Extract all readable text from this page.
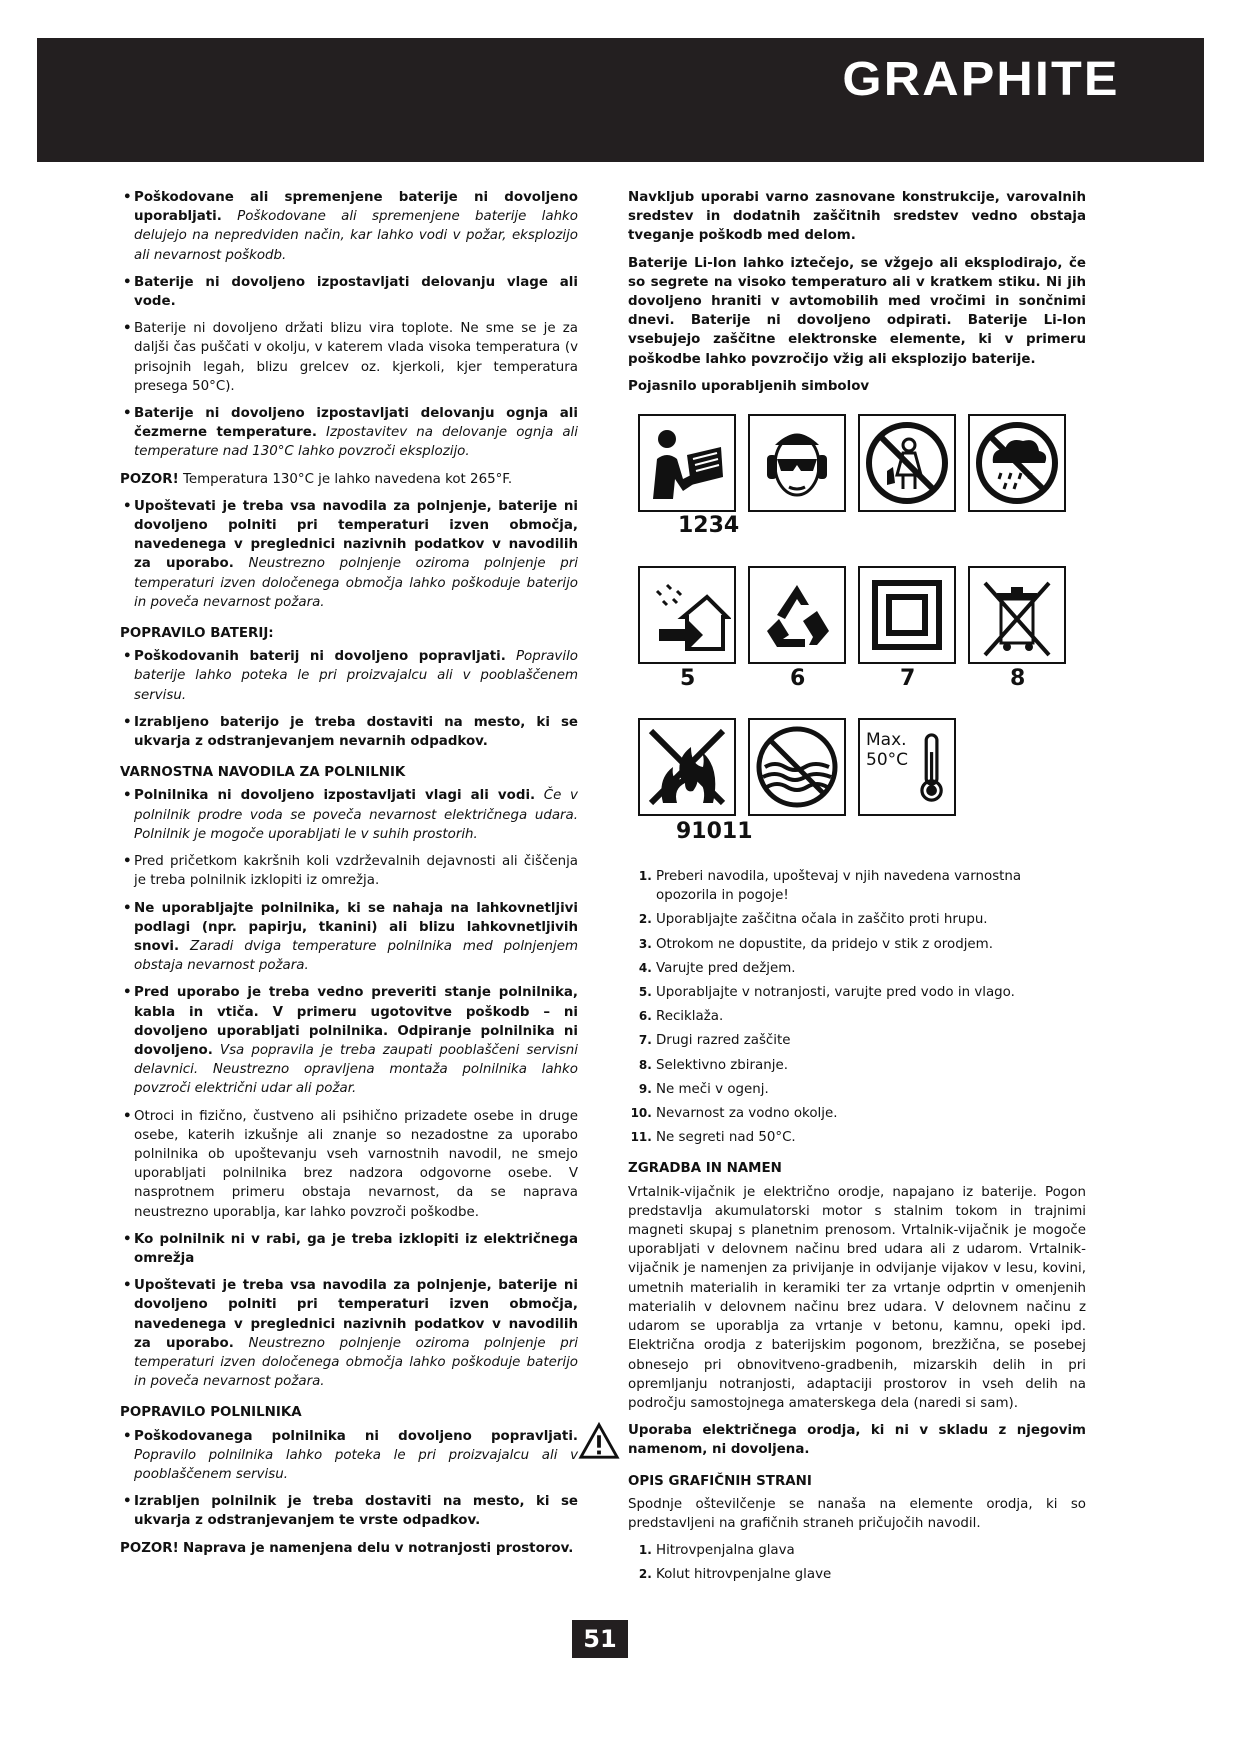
GRAPHITE

• Poškodovane ali spremenjene baterije ni dovoljeno uporabljati. Poškodovane ali spremenjene baterije lahko delujejo na nepredviden način, kar lahko vodi v požar, eksplozijo ali nevarnost poškodb.

• Baterije ni dovoljeno izpostavljati delovanju vlage ali vode.

• Baterije ni dovoljeno držati blizu vira toplote. Ne sme se je za daljši čas puščati v okolju, v katerem vlada visoka temperatura (v prisojnih legah, blizu grelcev oz. kjerkoli, kjer temperatura presega 50°C).

• Baterije ni dovoljeno izpostavljati delovanju ognja ali čezmerne temperature. Izpostavitev na delovanje ognja ali temperature nad 130°C lahko povzroči eksplozijo.

POZOR! Temperatura 130°C je lahko navedena kot 265°F.

• Upoštevati je treba vsa navodila za polnjenje, baterije ni dovoljeno polniti pri temperaturi izven območja, navedenega v preglednici nazivnih podatkov v navodilih za uporabo. Neustrezno polnjenje oziroma polnjenje pri temperaturi izven določenega območja lahko poškoduje baterijo in poveča nevarnost požara.

POPRAVILO BATERIJ:

• Poškodovanih baterij ni dovoljeno popravljati. Popravilo baterije lahko poteka le pri proizvajalcu ali v pooblaščenem servisu.

• Izrabljeno baterijo je treba dostaviti na mesto, ki se ukvarja z odstranjevanjem nevarnih odpadkov.

VARNOSTNA NAVODILA ZA POLNILNIK

• Polnilnika ni dovoljeno izpostavljati vlagi ali vodi. Če v polnilnik prodre voda se poveča nevarnost električnega udara. Polnilnik je mogoče uporabljati le v suhih prostorih.

• Pred pričetkom kakršnih koli vzdrževalnih dejavnosti ali čiščenja je treba polnilnik izklopiti iz omrežja.

• Ne uporabljajte polnilnika, ki se nahaja na lahkovnetljivi podlagi (npr. papirju, tkanini) ali blizu lahkovnetljivih snovi. Zaradi dviga temperature polnilnika med polnjenjem obstaja nevarnost požara.

• Pred uporabo je treba vedno preveriti stanje polnilnika, kabla in vtiča. V primeru ugotovitve poškodb – ni dovoljeno uporabljati polnilnika. Odpiranje polnilnika ni dovoljeno. Vsa popravila je treba zaupati pooblaščeni servisni delavnici. Neustrezno opravljena montaža polnilnika lahko povzroči električni udar ali požar.

• Otroci in fizično, čustveno ali psihično prizadete osebe in druge osebe, katerih izkušnje ali znanje so nezadostne za uporabo polnilnika ob upoštevanju vseh varnostnih navodil, ne smejo uporabljati polnilnika brez nadzora odgovorne osebe. V nasprotnem primeru obstaja nevarnost, da se naprava neustrezno uporablja, kar lahko povzroči poškodbe.

• Ko polnilnik ni v rabi, ga je treba izklopiti iz električnega omrežja

• Upoštevati je treba vsa navodila za polnjenje, baterije ni dovoljeno polniti pri temperaturi izven območja, navedenega v preglednici nazivnih podatkov v navodilih za uporabo. Neustrezno polnjenje oziroma polnjenje pri temperaturi izven določenega območja lahko poškoduje baterijo in poveča nevarnost požara.

POPRAVILO POLNILNIKA

• Poškodovanega polnilnika ni dovoljeno popravljati. Popravilo polnilnika lahko poteka le pri proizvajalcu ali v pooblaščenem servisu.

• Izrabljen polnilnik je treba dostaviti na mesto, ki se ukvarja z odstranjevanjem te vrste odpadkov.

POZOR! Naprava je namenjena delu v notranjosti prostorov.

Navkljub uporabi varno zasnovane konstrukcije, varovalnih sredstev in dodatnih zaščitnih sredstev vedno obstaja tveganje poškodb med delom.

Baterije Li-Ion lahko iztečejo, se vžgejo ali eksplodirajo, če so segrete na visoko temperaturo ali v kratkem stiku. Ni jih dovoljeno hraniti v avtomobilih med vročimi in sončnimi dnevi. Baterije ni dovoljeno odpirati. Baterije Li-Ion vsebujejo zaščitne elektronske elemente, ki v primeru poškodbe lahko povzročijo vžig ali eksplozijo baterije.

Pojasnilo uporabljenih simbolov

1234
5	6	7	8
Max.
50°C
91011
1. Preberi navodila, upoštevaj v njih navedena varnostna opozorila in pogoje!
2. Uporabljajte zaščitna očala in zaščito proti hrupu.
3. Otrokom ne dopustite, da pridejo v stik z orodjem.
4. Varujte pred dežjem.
5. Uporabljajte v notranjosti, varujte pred vodo in vlago.
6. Reciklaža.
7. Drugi razred zaščite
8. Selektivno zbiranje.
9. Ne meči v ogenj.
10. Nevarnost za vodno okolje.
11. Ne segreti nad 50°C.
ZGRADBA IN NAMEN

Vrtalnik-vijačnik je električno orodje, napajano iz baterije. Pogon predstavlja akumulatorski motor s stalnim tokom in trajnimi magneti skupaj s planetnim prenosom. Vrtalnik-vijačnik je mogoče uporabljati v delovnem načinu bred udara ali z udarom. Vrtalnik-vijačnik je namenjen za privijanje in odvijanje vijakov v lesu, kovini, umetnih materialih in keramiki ter za vrtanje odprtin v omenjenih materialih v delovnem načinu brez udara. V delovnem načinu z udarom se uporablja za vrtanje v betonu, kamnu, opeki ipd. Električna orodja z baterijskim pogonom, brezžična, se posebej obnesejo pri obnovitveno-gradbenih, mizarskih delih in pri opremljanju notranjosti, adaptaciji prostorov in vseh delih na področju samostojnega amaterskega dela (naredi si sam).

Uporaba električnega orodja, ki ni v skladu z njegovim namenom, ni dovoljena.

OPIS GRAFIČNIH STRANI

Spodnje oštevilčenje se nanaša na elemente orodja, ki so predstavljeni na grafičnih straneh pričujočih navodil.

1. Hitrovpenjalna glava
2. Kolut hitrovpenjalne glave
51
